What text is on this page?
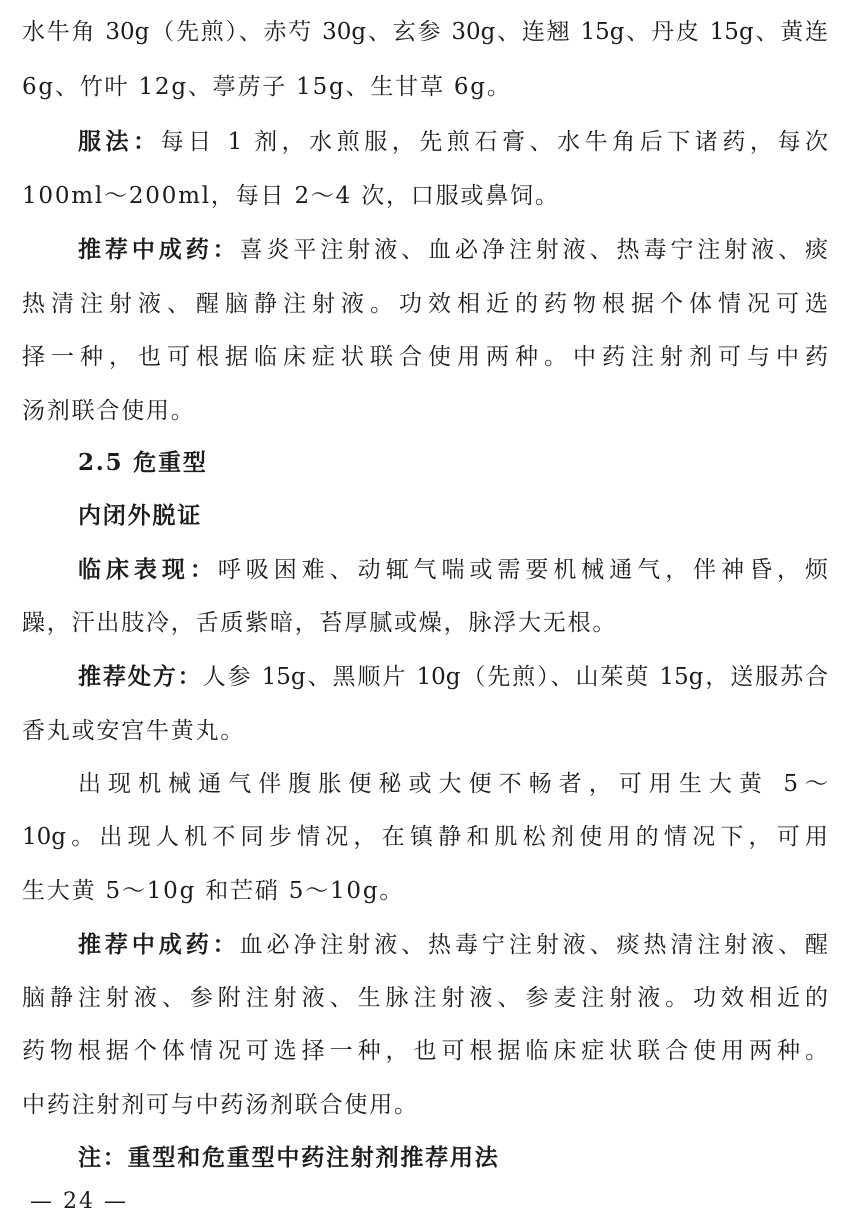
水牛角 30g（先煎）、赤芍 30g、玄参 30g、连翘 15g、丹皮 15g、黄连
6g、竹叶 12g、葶苈子 15g、生甘草 6g。
服法：每日 1 剂，水煎服，先煎石膏、水牛角后下诸药，每次
100ml～200ml，每日 2～4 次，口服或鼻饲。
推荐中成药：喜炎平注射液、血必净注射液、热毒宁注射液、痰
热清注射液、醒脑静注射液。功效相近的药物根据个体情况可选
择一种，也可根据临床症状联合使用两种。中药注射剂可与中药
汤剂联合使用。
2.5 危重型
内闭外脱证
临床表现：呼吸困难、动辄气喘或需要机械通气，伴神昏，烦
躁，汗出肢冷，舌质紫暗，苔厚腻或燥，脉浮大无根。
推荐处方：人参 15g、黑顺片 10g（先煎）、山茱萸 15g，送服苏合
香丸或安宫牛黄丸。
出现机械通气伴腹胀便秘或大便不畅者，可用生大黄 5～
10g。出现人机不同步情况，在镇静和肌松剂使用的情况下，可用
生大黄 5～10g 和芒硝 5～10g。
推荐中成药：血必净注射液、热毒宁注射液、痰热清注射液、醒
脑静注射液、参附注射液、生脉注射液、参麦注射液。功效相近的
药物根据个体情况可选择一种，也可根据临床症状联合使用两种。
中药注射剂可与中药汤剂联合使用。
注：重型和危重型中药注射剂推荐用法
— 24 —
